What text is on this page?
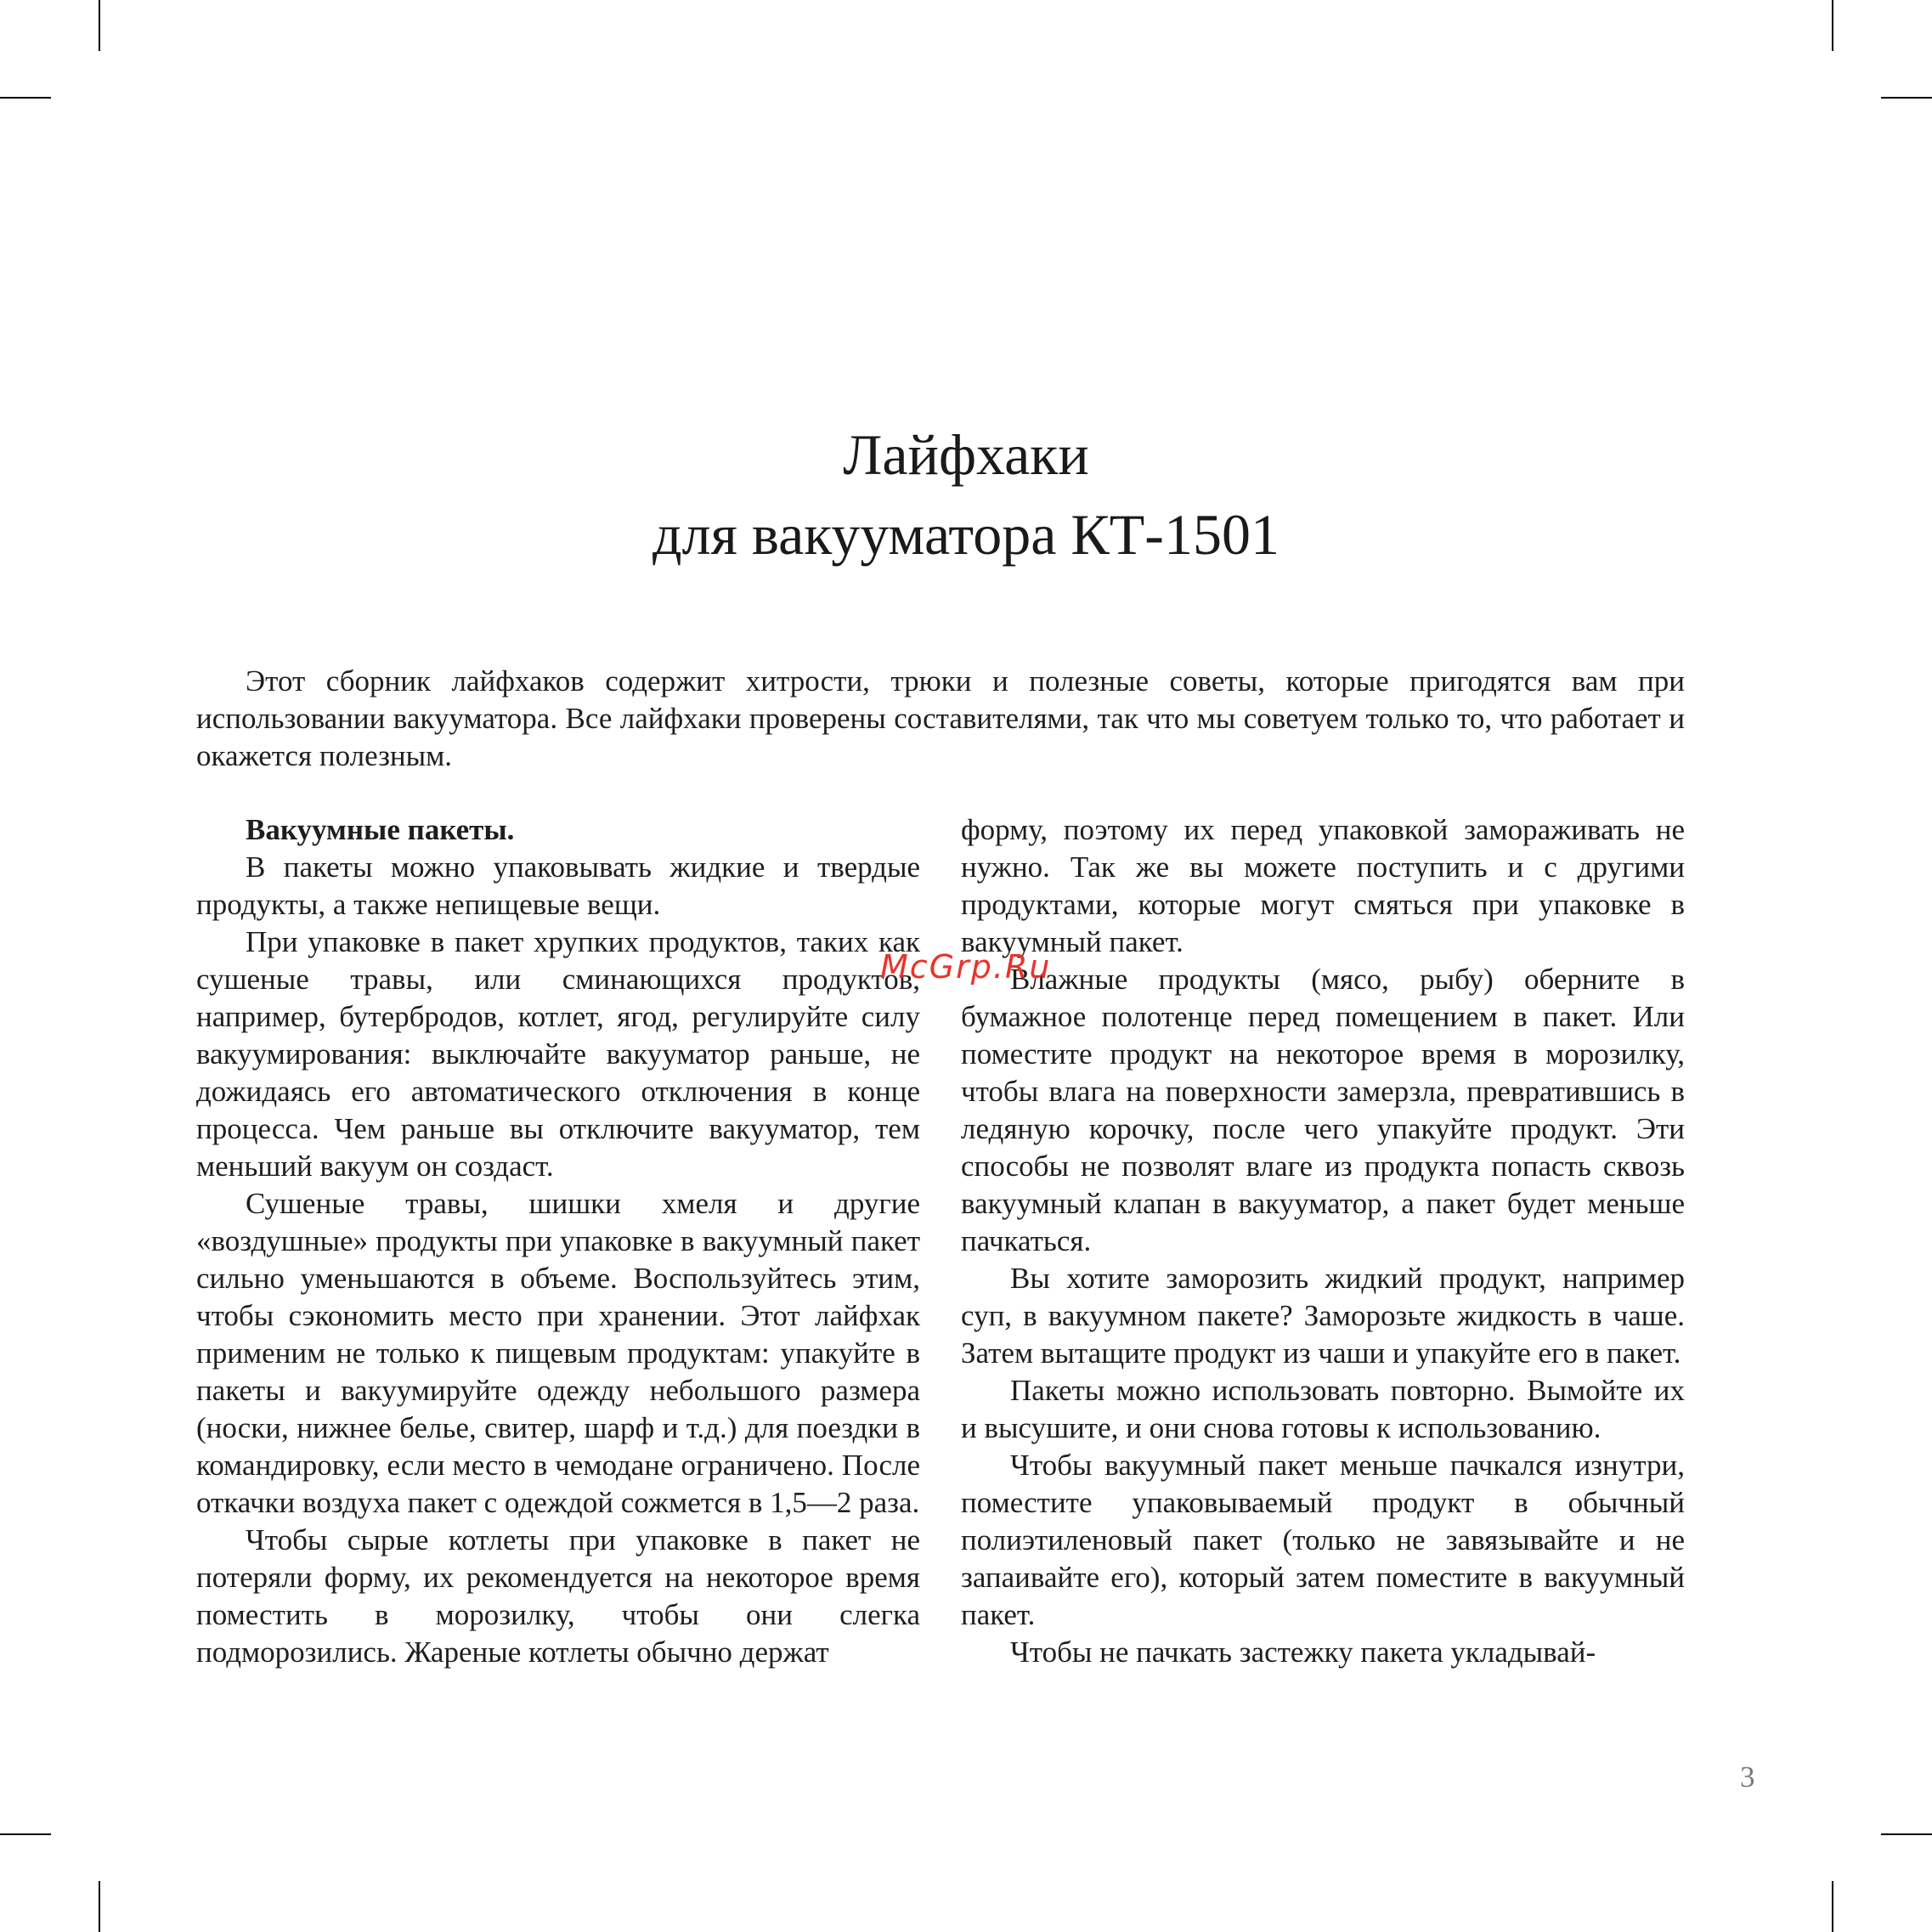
Лайфхаки
для вакууматора КТ-1501

Этот сборник лайфхаков содержит хитрости, трюки и полезные советы, которые пригодятся вам при использовании вакууматора. Все лайфхаки проверены составителями, так что мы советуем только то, что работает и окажется полезным.

Вакуумные пакеты.

В пакеты можно упаковывать жидкие и твердые продукты, а также непищевые вещи.

При упаковке в пакет хрупких продуктов, таких как сушеные травы, или сминающихся продуктов, например, бутербродов, котлет, ягод, регулируйте силу вакуумирования: выключайте вакууматор раньше, не дожидаясь его автоматического отключения в конце процесса. Чем раньше вы отключите вакууматор, тем меньший вакуум он создаст.

Сушеные травы, шишки хмеля и другие «воздушные» продукты при упаковке в вакуумный пакет сильно уменьшаются в объеме. Воспользуйтесь этим, чтобы сэкономить место при хранении. Этот лайфхак применим не только к пищевым продуктам: упакуйте в пакеты и вакуумируйте одежду небольшого размера (носки, нижнее белье, свитер, шарф и т.д.) для поездки в командировку, если место в чемодане ограничено. После откачки воздуха пакет с одеждой сожмется в 1,5—2 раза.

Чтобы сырые котлеты при упаковке в пакет не потеряли форму, их рекомендуется на некоторое время поместить в морозилку, чтобы они слегка подморозились. Жареные котлеты обычно держат

форму, поэтому их перед упаковкой замораживать не нужно. Так же вы можете поступить и с другими продуктами, которые могут смяться при упаковке в вакуумный пакет.

Влажные продукты (мясо, рыбу) оберните в бумажное полотенце перед помещением в пакет. Или поместите продукт на некоторое время в морозилку, чтобы влага на поверхности замерзла, превратившись в ледяную корочку, после чего упакуйте продукт. Эти способы не позволят влаге из продукта попасть сквозь вакуумный клапан в вакууматор, а пакет будет меньше пачкаться.

Вы хотите заморозить жидкий продукт, например суп, в вакуумном пакете? Заморозьте жидкость в чаше. Затем вытащите продукт из чаши и упакуйте его в пакет.

Пакеты можно использовать повторно. Вымойте их и высушите, и они снова готовы к использованию.

Чтобы вакуумный пакет меньше пачкался изнутри, поместите упаковываемый продукт в обычный полиэтиленовый пакет (только не завязывайте и не запаивайте его), который затем поместите в вакуумный пакет.

Чтобы не пачкать застежку пакета укладывай-

McGrp.Ru
3
